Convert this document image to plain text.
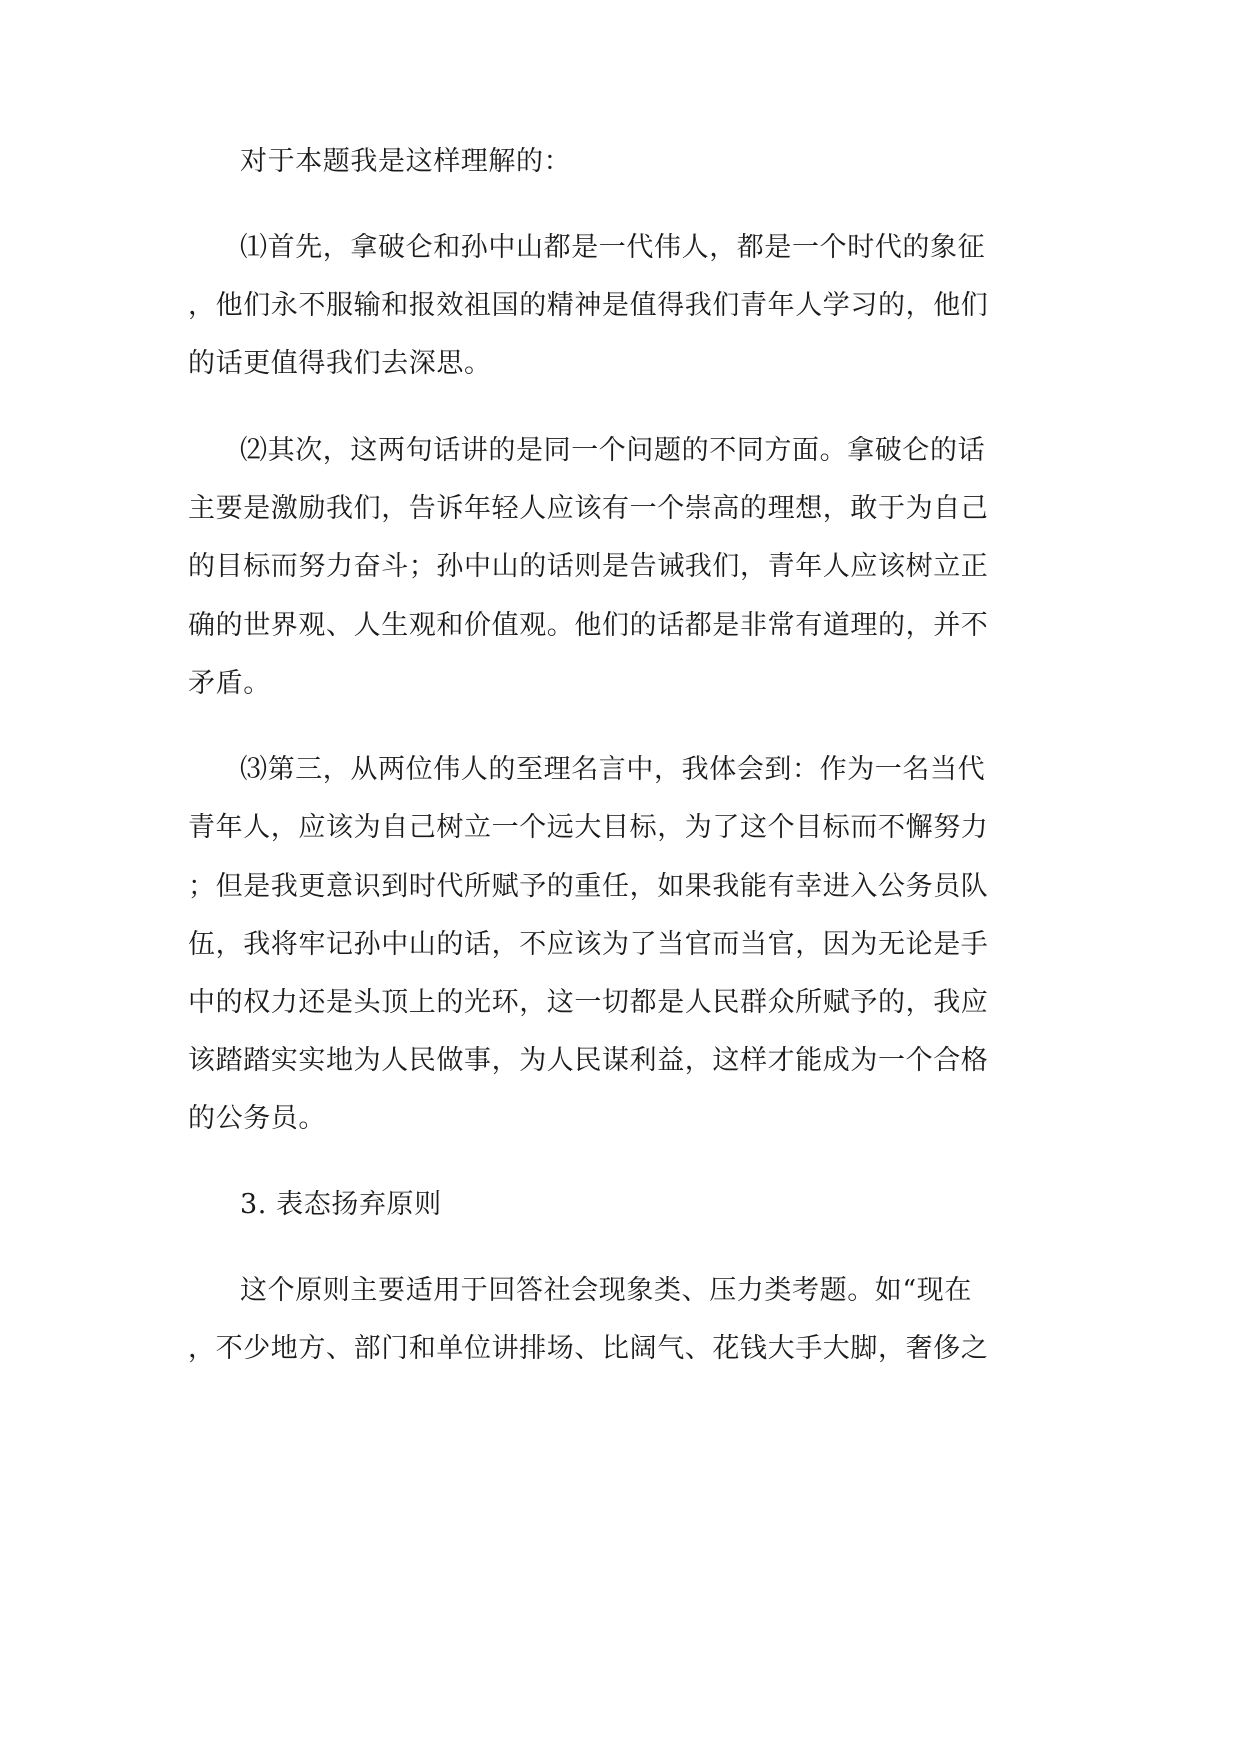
对于本题我是这样理解的：
⑴首先，拿破仑和孙中山都是一代伟人，都是一个时代的象征
，他们永不服输和报效祖国的精神是值得我们青年人学习的，他们
的话更值得我们去深思。
⑵其次，这两句话讲的是同一个问题的不同方面。拿破仑的话
主要是激励我们，告诉年轻人应该有一个崇高的理想，敢于为自己
的目标而努力奋斗；孙中山的话则是告诫我们，青年人应该树立正
确的世界观、人生观和价值观。他们的话都是非常有道理的，并不
矛盾。
⑶第三，从两位伟人的至理名言中，我体会到：作为一名当代
青年人，应该为自己树立一个远大目标，为了这个目标而不懈努力
；但是我更意识到时代所赋予的重任，如果我能有幸进入公务员队
伍，我将牢记孙中山的话，不应该为了当官而当官，因为无论是手
中的权力还是头顶上的光环，这一切都是人民群众所赋予的，我应
该踏踏实实地为人民做事，为人民谋利益，这样才能成为一个合格
的公务员。
3. 表态扬弃原则
这个原则主要适用于回答社会现象类、压力类考题。如“现在
，不少地方、部门和单位讲排场、比阔气、花钱大手大脚，奢侈之
